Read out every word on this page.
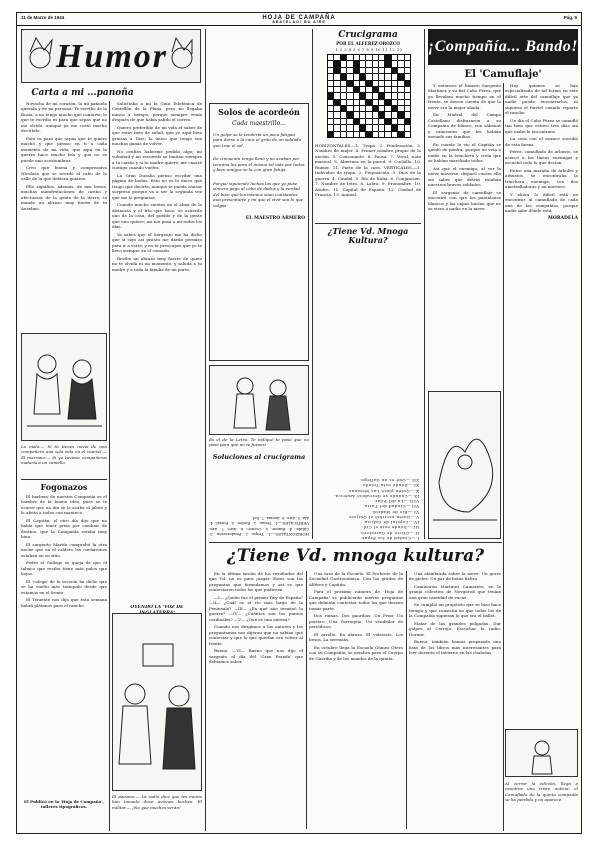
11 de Marzo de 1944	HOJA DE CAMPAÑA
ABATELAO! BU AIRE
Pág. 5
Humor
Carta a mi ...panoña

Novacha de mi corazón, lo mi pañuela querida y de mi persona: Te escribo de la Rusia, a no tengo mucho que contarte; lo que te escribo es para que sepas que no me olvido, aunque ya me costó mucho decírtelo.

Esto es para que sepas que te quiero mucho y que pienso en ti a cada momento de mi vida; que aquí en la guerra hace mucho frío y que no se puede uno acostumbrar.

Creo que buena y comprensiva Nicolasa que se acordó al cabo de la calle de la que debiera guiarse.

Ello significa, además, de mis besos, muchas manifestaciones de cariño y afectuosas de la gente de la tierra; te mando un abrazo muy fuerte de tu Anselmo.

Solicitaba a mi la Guía Telefónica de Castellón de la Plana, pero no llegaba nunca a tiempo, porque siempre venía después de que había salido el correo.

Quiero preferible de mi vida el saber de que estás bien de salud, que yo aquí bien gracias a Dios; lo único que tengo son muchas ganas de volver.

No ocultes haberme pedido algo; mi voluntad y mi recuerdo se limitan siempre a tu cariño y si tu madre quiere, me casaré contigo cuando vuelva.

La Gran Ducalia pienso escribir una página de bodas. Esto no es lo único que tengo que decirte, aunque te pueda causar sorpresa porque va a ser la segunda vez que me lo preguntas.

Cuando mucho sientes en el alma de la distancia y el frío que hace, se acuerda uno de la casa, del pueblo y de la gente que uno quiere; así me pasa a mí todos los días.

Ya sabes que el Sargento me ha dicho que si sigo así pronto me darán permiso para ir a verte; y no te preocupes que yo te llevo siempre en el corazón.

Recibe un abrazo muy fuerte de quien no te olvida ni un momento, y saluda a tu madre y a toda la familia de mi parte.

Lo malo.— Si tú tienes novio de una compañera una sola vida en el cuartel.— El marrano.— Si yo tuviese compañeras mataría a un camello.
Fogonazos

El barbero de nuestra Compañía es el hombre de la buena idea, pues se le ocurre que un día se le acaba el jabón y le afeita a todos con manteca.

El Capitán, el otro día dijo que no había que tener prisa por cambiar de destino, que la Compañía estaba muy bien.

El sargento Martín comprobó la otra noche que en el caldero los cucharones estaban en su sitio.

Pedro el Gallego se queja de que el tabaco que recibe tiene más palos que hojas.

El 'colega' de la sección ha dicho que se ha vuelto más tranquilo desde que estamos en el frente.

El Teniente nos dijo que esta semana habrá plátanos para el rancho.

El Publicó en la 'Hoja de Campaña', talleres tipográficos.
OYENDO LA 'VOZ DE
El paisano.— La radio dice que les moros han tomado doce aviones boches. El militar.— ¡No que muchos serán!
Solos de acordeón
Cada maestrillo...

Un golpe se le tendería un poco fatigaa para darse a la cara el grito de un soldado que trae el sol.

De cincuenta tengo lleno y no acaban por termina les para el mismo tal más por todos y bien amigos se la con gran fatiga.

Porque siguiendo luchas las que yo puse sincero pago al cabo de dados y la verdad del bien que los mismos sean constantes aun presentarte y mi que el vivir sea lo que valgas.

EL MAESTRO ARMERO
Es el de la Letra: Te indiqué te pase que no pasó para que no te fueses!
Soluciones al crucigrama
HORIZONTALES.—1. Tropa. 2. Ponderación. 3. Cálida. 4. Rumor. 5. Oscuro. 6. Aire. 7. Ara. VERTICALES.—1. Tenaz. 2. Rodeo. 3. Portal. 4. Ala. 5. Aire. 6. Aroma. 7. Sol.
Crucigrama
POR EL ALFEREZ OROZCO
1 2 3 4 5 6 7 8 9 10 11 12 13
HORIZONTALES.—1. Tropa. 2. Ponderación. 3. Nombre de mujer. 4. Primer nombre propio de la nación. 5. Consonante. 6. Pausa. 7. Vocal, nota musical. 8. Abertura en la pared. 9. Cuchillo. 10. Rumor. 11. Parte de la cara. VERTICALES.—1. Individuo de tropa. 2. Preposición. 3. Dios de la guerra. 4. Caudal. 5. Río de Italia. 6. Conjunción. 7. Nombre de letra. 8. Labra. 9. Pronombre. 10. Azufre. 11. Capital de España. 12. Ciudad de Francia. 13. Animal.
¿Tiene Vd. Mnoga Kultura?
I.—Ciudad de los Papas.
II.—Oficio de Garrotero.
III.—Dónde está el Cid.
IV.—Capital de Galicia.
V.—Quién escribió el Quijote.
VI.—Río de Madrid.
VII.—Ciudad del Turia.
VIII.—La del Pilar.
IX.—Cuándo se descubrió América.
X.—Quién pintó Las Meninas.
XI.—Dónde está Toledo.
XII.—Qué es un Gallego.
¡Compañía... Bando!
El 'Camuflaje'

Y entonces el bizarro Sargento Martinez y su fiel Cabo Pérez, que ya llevaban mucho tiempo en el frente, se dieron cuenta de que la nieve era la mejor aliada.

En Madrid del Campo Castellano disfrazaron a su Compañía de blanco, con sábanas y camisones que les habían enviado sus familias.

En cuanto lo vio el Capitán se quedó de piedra, porque no veía a nadie en la trinchera y creía que se habían marchado todos.

Así que el enemigo, al ver la nieve moverse, disparó contra ella sin saber que detrás estaban nuestros bravos soldados.

El sargento de camuflaje se encontró con que los pantalones blancos y las capas hacían que no se viera a nadie en la nieve.

Hay quienes se han especializado de tal forma en este difícil arte del camuflaje que ya nadie puede encontrarlos, ni siquiera el furriel cuando reparte el rancho.

Un día el Cabo Pérez se camufló tan bien que estuvo tres días sin que nadie le encontrara.

La cosa con el avance sucedió de esta forma.

Pérez, camuflado de arbusto, se acercó a las líneas enemigas y escuchó todo lo que decían.

Entre una maraña de árboles y arbustos se encontraba la trinchera enemiga, con dos ametralladoras y un mortero.

Y ahora lo difícil está en encontrar al camuflado de cada una de las compañías, porque nadie sabe dónde está.

MORADELA
Al cerrar la edición, llega a nosotros una triste noticia: el Camuflado de la quinta compañía se ha perdido y no aparece.
¿Tiene Vd. mnoga kultura?

En la última sesión de los resultados del que Vd. no es para juzgar. Estos son las preguntas que formulamos y así es que contestaron todos los que pudieron.

—I— ¿Quién fue el primer Rey de España? —II— ¿Cuál es el río más largo de la Península? —III— ¿En qué año terminó la guerra? —IV— ¿Cuántos son los puntos cardinales? —V— ¿Qué es una antena?

Cuando nos dirigimos a los autores y les preguntamos nos dijeron que no sabían qué contestar y que lo que querían era volver al frente.

Bueno. —VI— Bueno que nos dijo el sargento el día del 'Gran Parada' que debíamos saber.

Una taza de la Escuela. El Preboste de la Sociedad Gastronómica. Con los grados de Alférez y Capitán.

Para el próximo número de 'Hoja de Campaña' se publicarán nuevas preguntas que deberán contestar todos los que deseen tomar parte.

Dos ruinas. Dos guardias. Un Prior. Un portero. Una Parroquia. Un vendedor de periódicos.

El arrullo. En abrazo. El valsecito. Los besos. La serenata.

En octubre llega la Escuela Gómez Otero con su Compañía; se nombra para el Cuerpo de Guardia y de los mandos de la quinta.

Una alambrada sobre la nieve. Un gorro de pieles. Un par de botas fieltro.

Caminaron Martinez Camarero, en la granja colectiva de Novgorod que tenían una gran cantidad de vacas.

Se cumplió un propósito que se hizo hace tiempo y que consistía en que todos los de la Compañía supieran lo que era el ballet.

Matar de las grandes pulgadas. Dar golpes al Cerrojo. Escuchar la radio. Dormir.

Bueno, también hemos preparado una lista de los libros más interesantes para leer durante el invierno en las chabolas.
